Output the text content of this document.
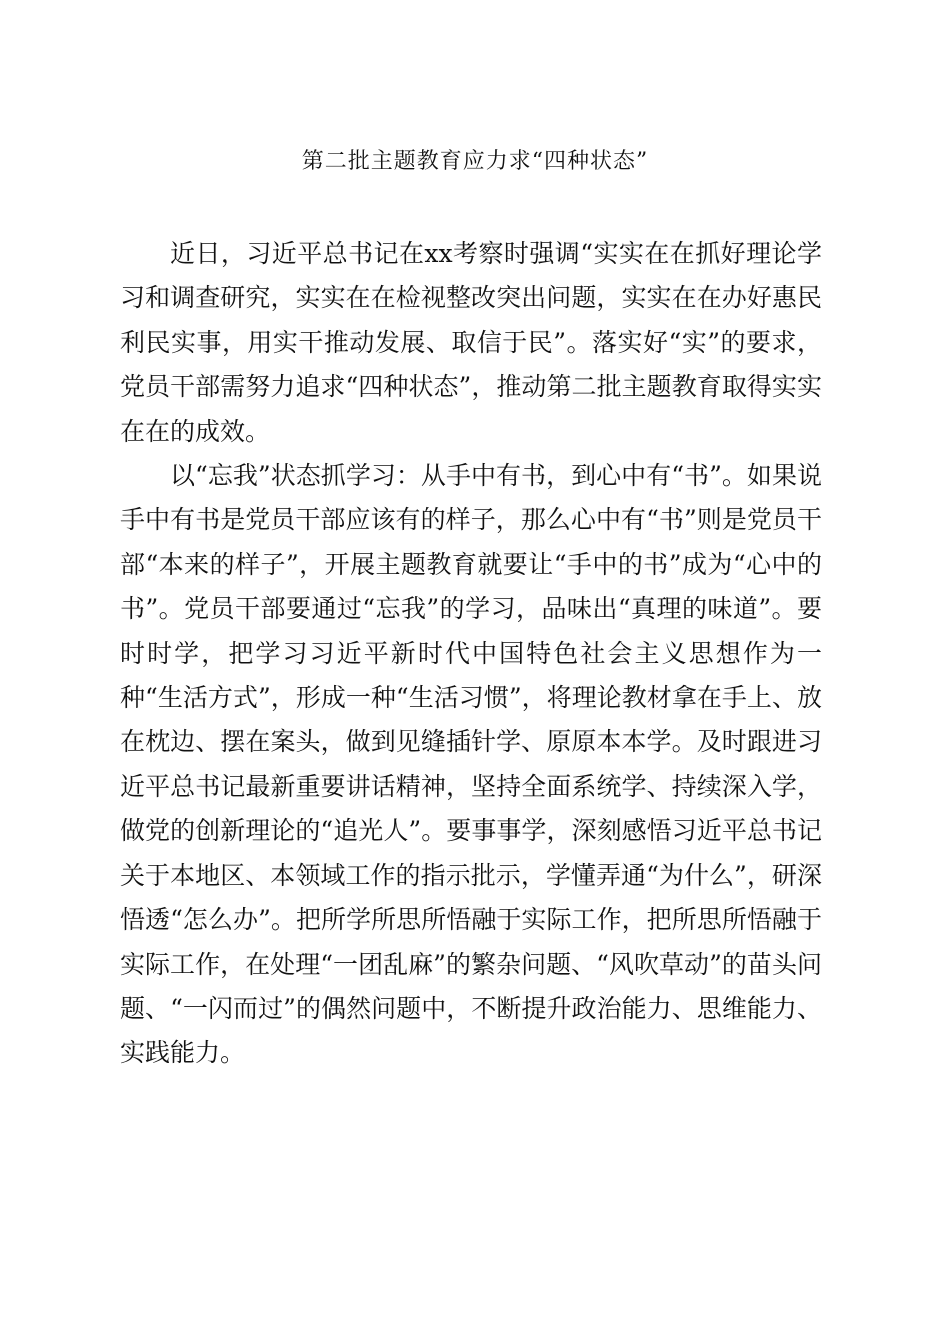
第二批主题教育应力求“四种状态”

近日，习近平总书记在xx考察时强调“实实在在抓好理论学习和调查研究，实实在在检视整改突出问题，实实在在办好惠民利民实事，用实干推动发展、取信于民”。落实好“实”的要求，党员干部需努力追求“四种状态”，推动第二批主题教育取得实实在在的成效。

以“忘我”状态抓学习：从手中有书，到心中有“书”。如果说手中有书是党员干部应该有的样子，那么心中有“书”则是党员干部“本来的样子”，开展主题教育就要让“手中的书”成为“心中的书”。党员干部要通过“忘我”的学习，品味出“真理的味道”。要时时学，把学习习近平新时代中国特色社会主义思想作为一种“生活方式”，形成一种“生活习惯”，将理论教材拿在手上、放在枕边、摆在案头，做到见缝插针学、原原本本学。及时跟进习近平总书记最新重要讲话精神，坚持全面系统学、持续深入学，做党的创新理论的“追光人”。要事事学，深刻感悟习近平总书记关于本地区、本领域工作的指示批示，学懂弄通“为什么”，研深悟透“怎么办”。把所学所思所悟融于实际工作，把所思所悟融于实际工作，在处理“一团乱麻”的繁杂问题、“风吹草动”的苗头问题、“一闪而过”的偶然问题中，不断提升政治能力、思维能力、实践能力。
